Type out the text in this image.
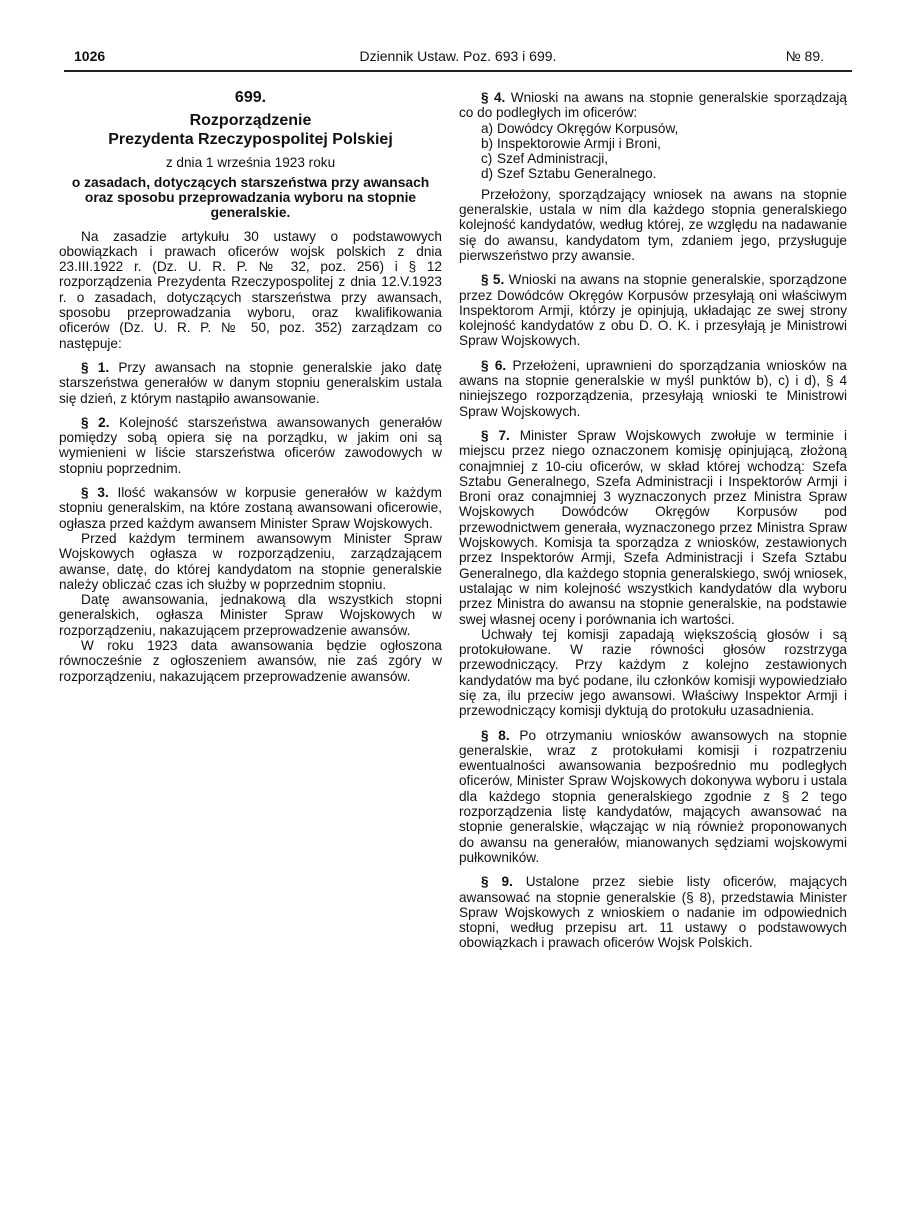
1026	Dziennik Ustaw. Poz. 693 i 699.	№ 89.
699.
Rozporządzenie
Prezydenta Rzeczypospolitej Polskiej
z dnia 1 września 1923 roku
o zasadach, dotyczących starszeństwa przy awansach oraz sposobu przeprowadzania wyboru na stopnie generalskie.

Na zasadzie artykułu 30 ustawy o podstawowych obowiązkach i prawach oficerów wojsk polskich z dnia 23.III.1922 r. (Dz. U. R. P. № 32, poz. 256) i § 12 rozporządzenia Prezydenta Rzeczypospolitej z dnia 12.V.1923 r. o zasadach, dotyczących starszeństwa przy awansach, sposobu przeprowadzania wyboru, oraz kwalifikowania oficerów (Dz. U. R. P. № 50, poz. 352) zarządzam co następuje:

§ 1. Przy awansach na stopnie generalskie jako datę starszeństwa generałów w danym stopniu generalskim ustala się dzień, z którym nastąpiło awansowanie.

§ 2. Kolejność starszeństwa awansowanych generałów pomiędzy sobą opiera się na porządku, w jakim oni są wymienieni w liście starszeństwa oficerów zawodowych w stopniu poprzednim.

§ 3. Ilość wakansów w korpusie generałów w każdym stopniu generalskim, na które zostaną awansowani oficerowie, ogłasza przed każdym awansem Minister Spraw Wojskowych.

Przed każdym terminem awansowym Minister Spraw Wojskowych ogłasza w rozporządzeniu, zarządzającem awanse, datę, do której kandydatom na stopnie generalskie należy obliczać czas ich służby w poprzednim stopniu.

Datę awansowania, jednakową dla wszystkich stopni generalskich, ogłasza Minister Spraw Wojskowych w rozporządzeniu, nakazującem przeprowadzenie awansów.

W roku 1923 data awansowania będzie ogłoszona równocześnie z ogłoszeniem awansów, nie zaś zgóry w rozporządzeniu, nakazującem przeprowadzenie awansów.

§ 4. Wnioski na awans na stopnie generalskie sporządzają co do podległych im oficerów:

a) Dowódcy Okręgów Korpusów,
b) Inspektorowie Armji i Broni,
c) Szef Administracji,
d) Szef Sztabu Generalnego.

Przełożony, sporządzający wniosek na awans na stopnie generalskie, ustala w nim dla każdego stopnia generalskiego kolejność kandydatów, według której, ze względu na nadawanie się do awansu, kandydatom tym, zdaniem jego, przysługuje pierwszeństwo przy awansie.

§ 5. Wnioski na awans na stopnie generalskie, sporządzone przez Dowódców Okręgów Korpusów przesyłają oni właściwym Inspektorom Armji, którzy je opinjują, układając ze swej strony kolejność kandydatów z obu D. O. K. i przesyłają je Ministrowi Spraw Wojskowych.

§ 6. Przełożeni, uprawnieni do sporządzania wniosków na awans na stopnie generalskie w myśl punktów b), c) i d), § 4 niniejszego rozporządzenia, przesyłają wnioski te Ministrowi Spraw Wojskowych.

§ 7. Minister Spraw Wojskowych zwołuje w terminie i miejscu przez niego oznaczonem komisję opinjującą, złożoną conajmniej z 10-ciu oficerów, w skład której wchodzą: Szefa Sztabu Generalnego, Szefa Administracji i Inspektorów Armji i Broni oraz conajmniej 3 wyznaczonych przez Ministra Spraw Wojskowych Dowódców Okręgów Korpusów pod przewodnictwem generała, wyznaczonego przez Ministra Spraw Wojskowych. Komisja ta sporządza z wniosków, zestawionych przez Inspektorów Armji, Szefa Administracji i Szefa Sztabu Generalnego, dla każdego stopnia generalskiego, swój wniosek, ustalając w nim kolejność wszystkich kandydatów dla wyboru przez Ministra do awansu na stopnie generalskie, na podstawie swej własnej oceny i porównania ich wartości.

Uchwały tej komisji zapadają większością głosów i są protokułowane. W razie równości głosów rozstrzyga przewodniczący. Przy każdym z kolejno zestawionych kandydatów ma być podane, ilu członków komisji wypowiedziało się za, ilu przeciw jego awansowi. Właściwy Inspektor Armji i przewodniczący komisji dyktują do protokułu uzasadnienia.

§ 8. Po otrzymaniu wniosków awansowych na stopnie generalskie, wraz z protokułami komisji i rozpatrzeniu ewentualności awansowania bezpośrednio mu podległych oficerów, Minister Spraw Wojskowych dokonywa wyboru i ustala dla każdego stopnia generalskiego zgodnie z § 2 tego rozporządzenia listę kandydatów, mających awansować na stopnie generalskie, włączając w nią również proponowanych do awansu na generałów, mianowanych sędziami wojskowymi pułkowników.

§ 9. Ustalone przez siebie listy oficerów, mających awansować na stopnie generalskie (§ 8), przedstawia Minister Spraw Wojskowych z wnioskiem o nadanie im odpowiednich stopni, według przepisu art. 11 ustawy o podstawowych obowiązkach i prawach oficerów Wojsk Polskich.
